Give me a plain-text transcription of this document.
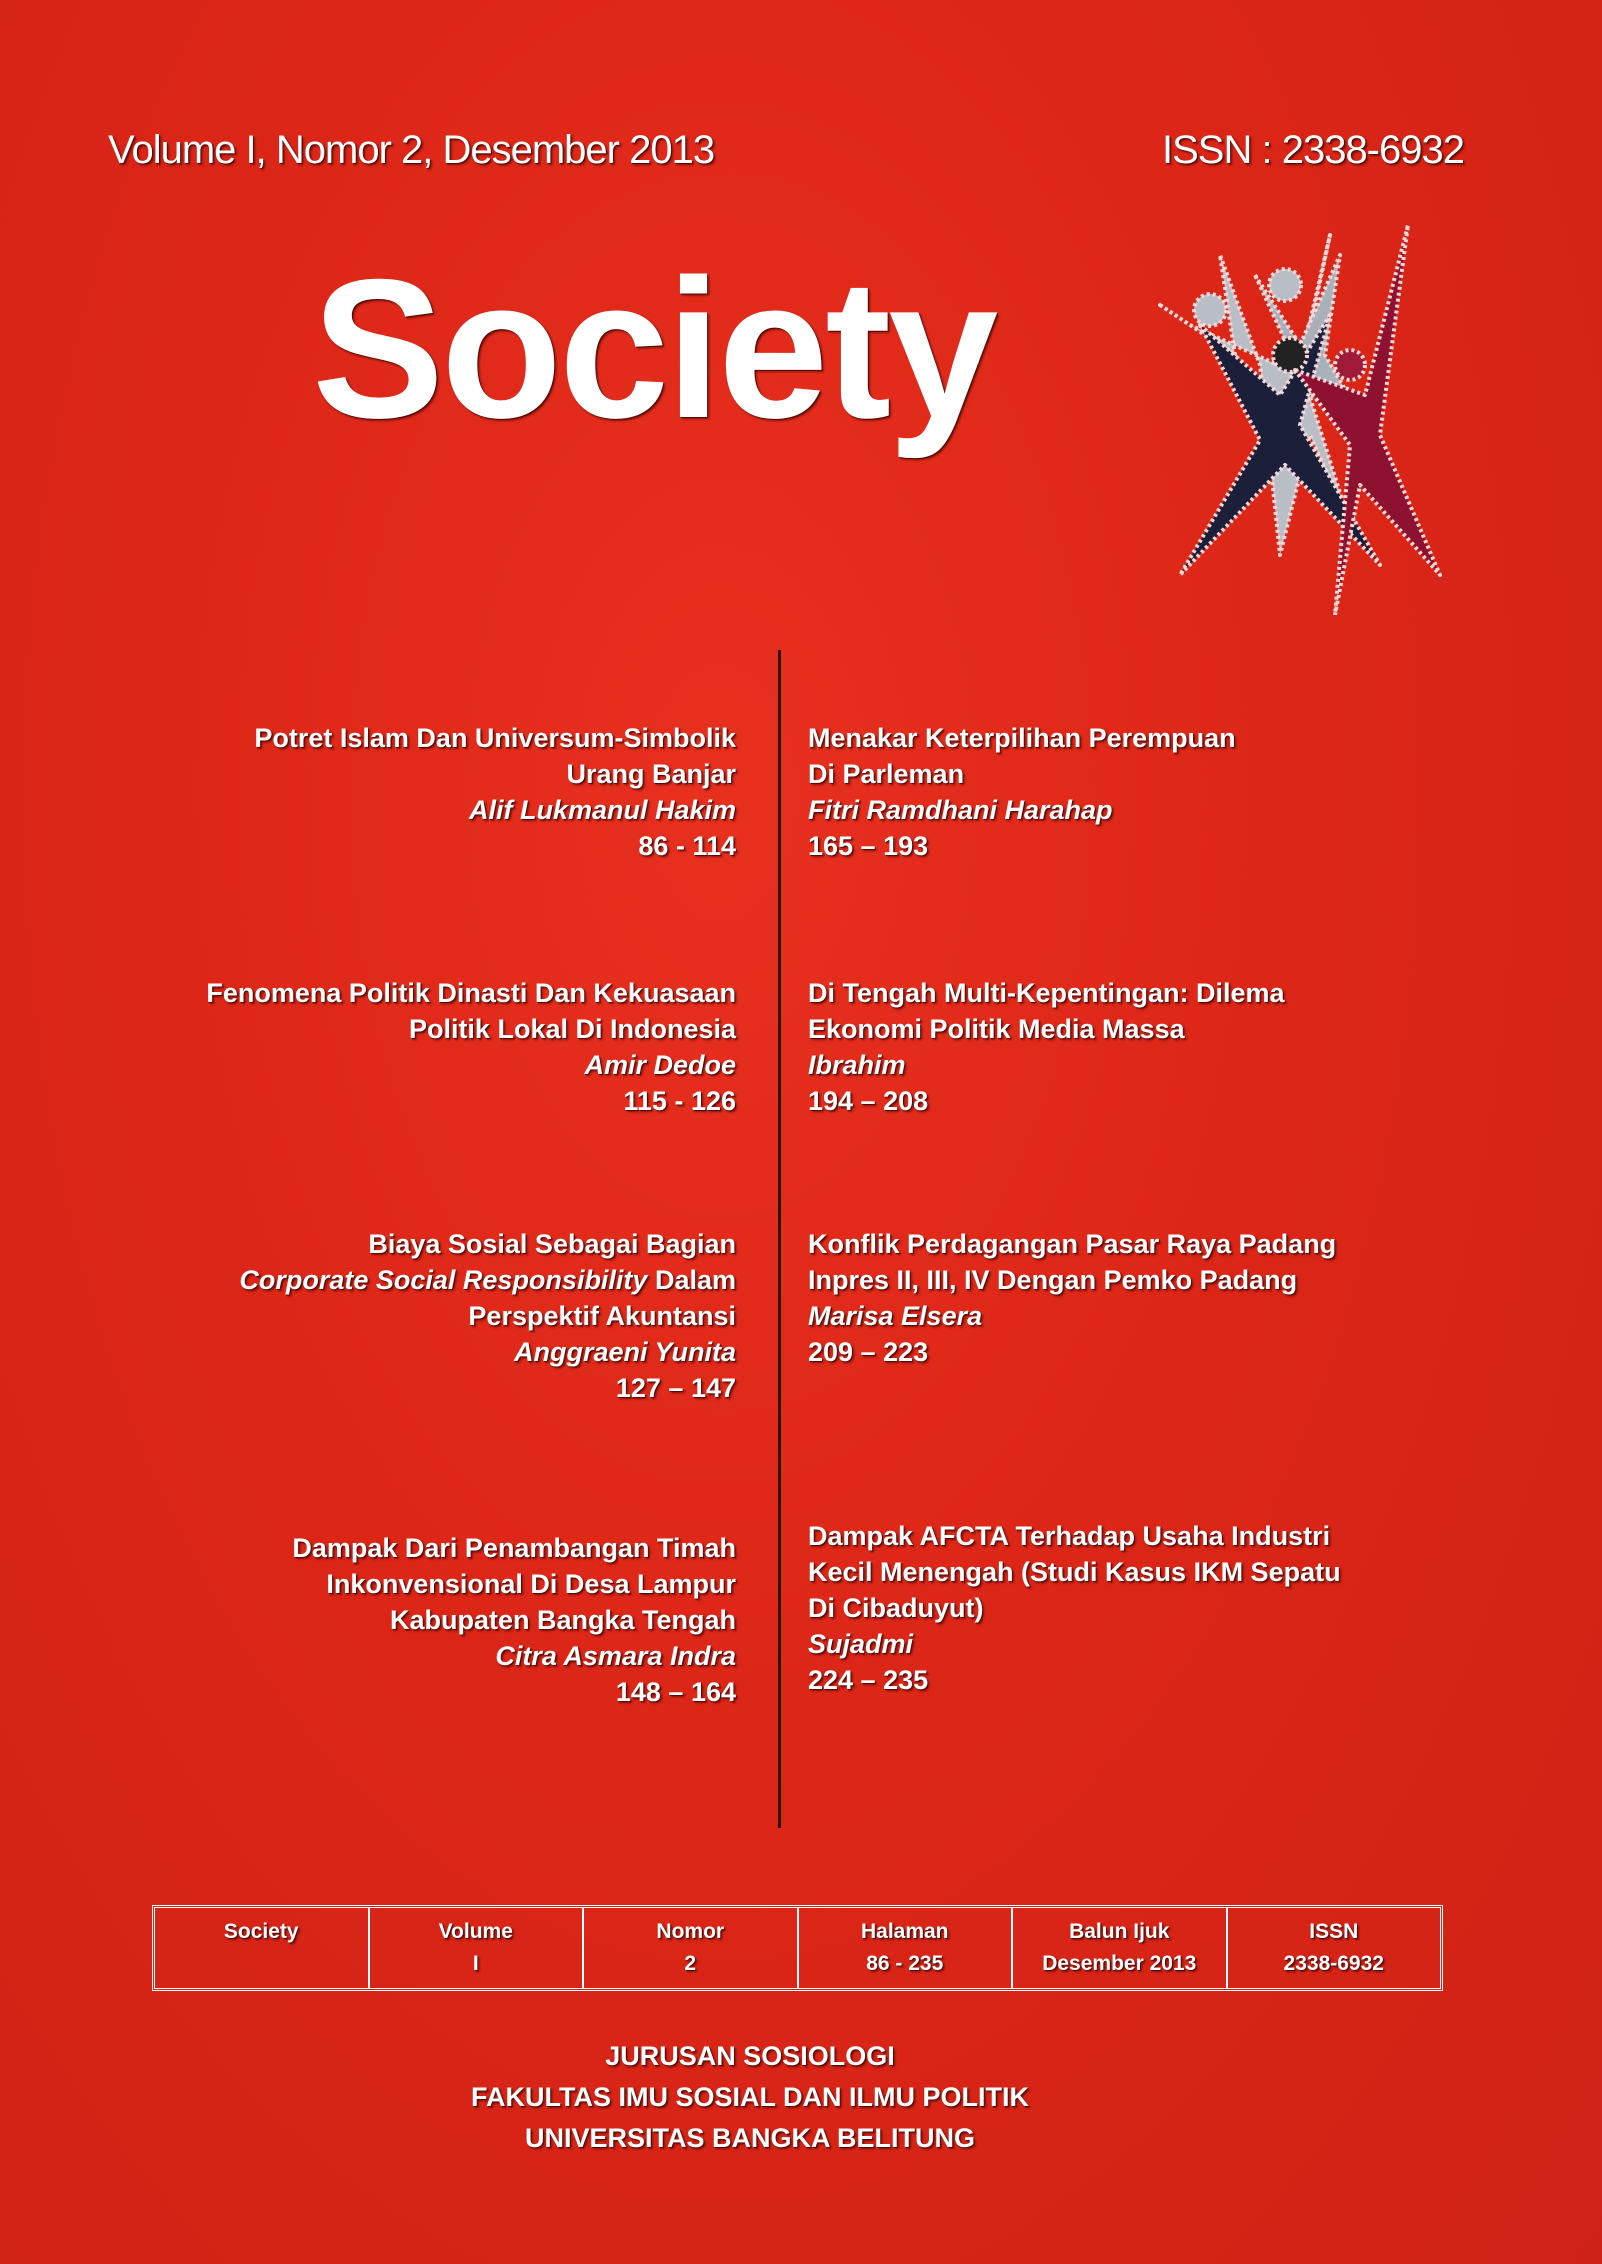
Volume I, Nomor 2, Desember 2013	ISSN : 2338-6932
Society
Potret Islam Dan Universum-Simbolik
Urang Banjar
Alif Lukmanul Hakim
86 - 114
Fenomena Politik Dinasti Dan Kekuasaan
Politik Lokal Di Indonesia
Amir Dedoe
115 - 126
Biaya Sosial Sebagai Bagian
Corporate Social Responsibility Dalam
Perspektif Akuntansi
Anggraeni Yunita
127 – 147
Dampak Dari Penambangan Timah
Inkonvensional Di Desa Lampur
Kabupaten Bangka Tengah
Citra Asmara Indra
148 – 164
Menakar Keterpilihan Perempuan
Di Parleman
Fitri Ramdhani Harahap
165 – 193
Di Tengah Multi-Kepentingan: Dilema
Ekonomi Politik Media Massa
Ibrahim
194 – 208
Konflik Perdagangan Pasar Raya Padang
Inpres II, III, IV Dengan Pemko Padang
Marisa Elsera
209 – 223
Dampak AFCTA Terhadap Usaha Industri
Kecil Menengah (Studi Kasus IKM Sepatu
Di Cibaduyut)
Sujadmi
224 – 235
Society	Volume
I
Nomor
2
Halaman
86 - 235
Balun Ijuk
Desember 2013
ISSN
2338-6932
JURUSAN SOSIOLOGI
FAKULTAS IMU SOSIAL DAN ILMU POLITIK
UNIVERSITAS BANGKA BELITUNG
